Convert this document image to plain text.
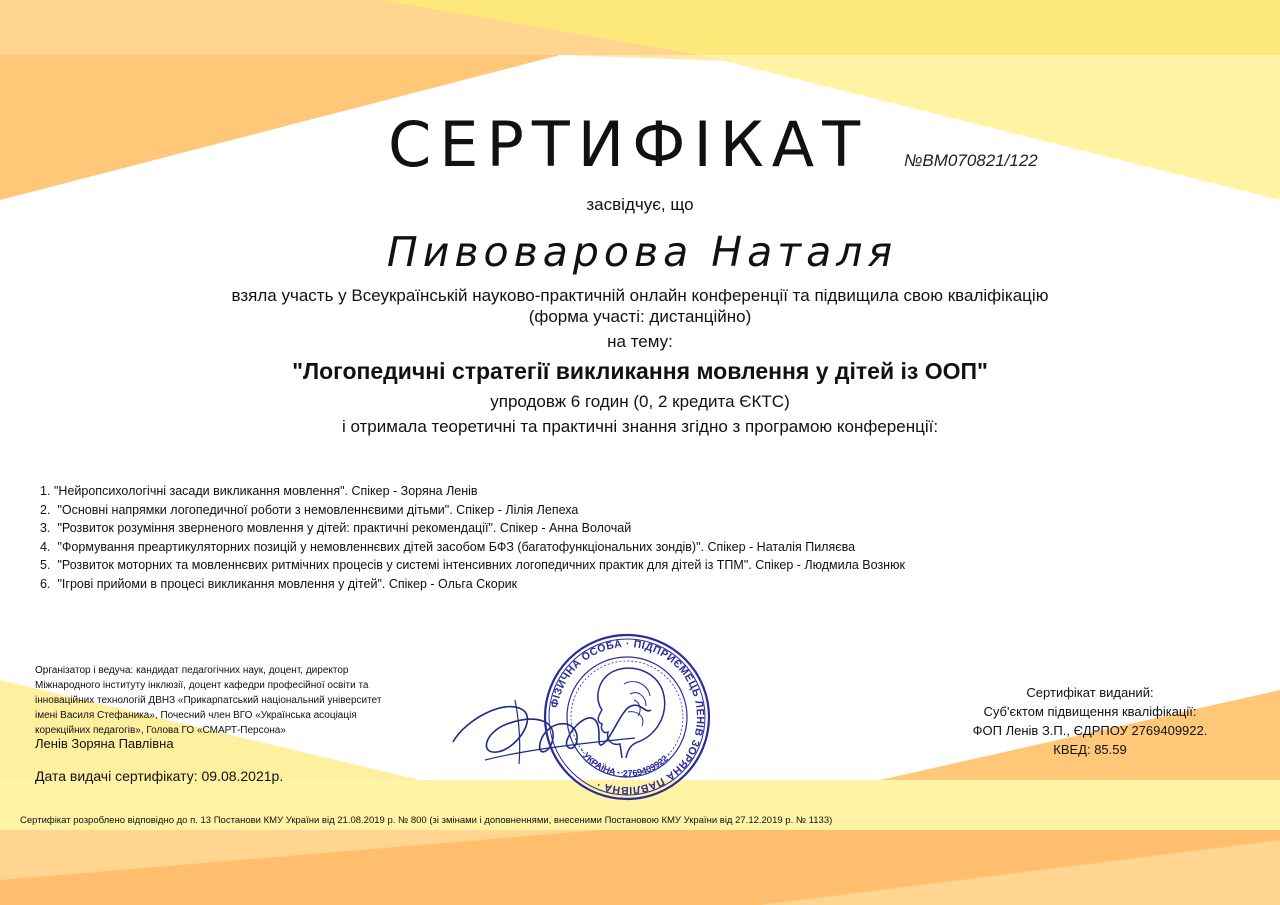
СЕРТИФІКАТ №BM070821/122
засвідчує, що
Пивоварова Наталя
взяла участь у Всеукраїнській науково-практичній онлайн конференції та підвищила свою кваліфікацію
(форма участі: дистанційно)
на тему:
"Логопедичні стратегії викликання мовлення у дітей із ООП"
упродовж 6 годин (0, 2 кредита ЄКТС)
і отримала теоретичні та практичні знання згідно з програмою конференції:
1. "Нейропсихологічні засади викликання мовлення". Спікер - Зоряна Ленів
2. "Основні напрямки логопедичної роботи з немовленнєвими дітьми". Спікер - Лілія Лепеха
3. "Розвиток розуміння зверненого мовлення у дітей: практичні рекомендації". Спікер - Анна Волочай
4. "Формування преартикуляторних позицій у немовленнєвих дітей засобом БФЗ (багатофункціональних зондів)". Спікер - Наталія Пиляєва
5. "Розвиток моторних та мовленнєвих ритмічних процесів у системі інтенсивних логопедичних практик для дітей із ТПМ". Спікер - Людмила Вознюк
6. "Ігрові прийоми в процесі викликання мовлення у дітей". Спікер - Ольга Скорик
Організатор і ведуча: кандидат педагогічних наук, доцент, директор
Міжнародного інституту інклюзії, доцент кафедри професійної освіти та
інноваційних технологій ДВНЗ «Прикарпатський національний університет
імені Василя Стефаника», Почесний член ВГО «Українська асоціація
корекційних педагогів», Голова ГО «СМАРТ-Персона»
Ленів Зоряна Павлівна
Дата видачі сертифікату: 09.08.2021р.
ФІЗИЧНА ОСОБА · ПІДПРИЄМЕЦЬ ЛЕНІВ ЗОРЯНА ПАВЛІВНА ·
· УКРАЇНА · 2769409922 ·
Сертифікат виданий:
Суб'єктом підвищення кваліфікації:
ФОП Ленів З.П., ЄДРПОУ 2769409922.
КВЕД: 85.59
Сертифікат розроблено відповідно до п. 13 Постанови КМУ України від 21.08.2019 р. № 800 (зі змінами і доповненнями, внесеними Постановою КМУ України від 27.12.2019 р. № 1133)
